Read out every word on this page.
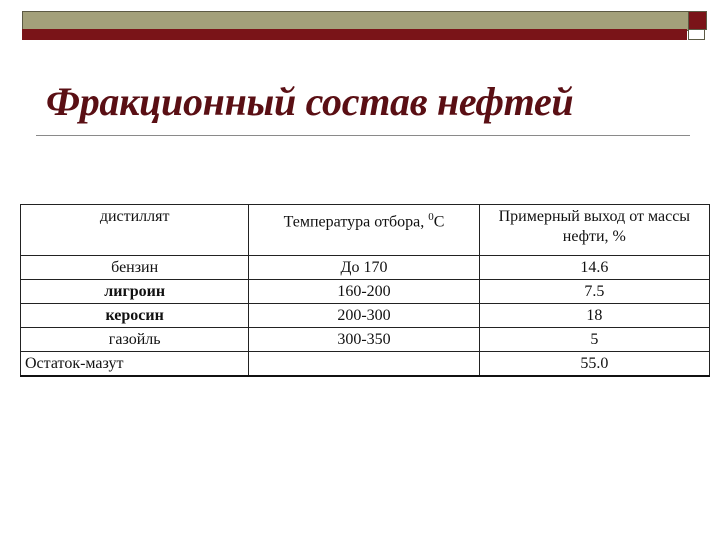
Фракционный состав нефтей
дистиллят	Температура отбора, $^0$С	Примерный выход от массы нефти, %
бензин	До 170	14.6
лигроин	160-200	7.5
керосин	200-300	18
газойль	300-350	5
Остаток-мазут		55.0
